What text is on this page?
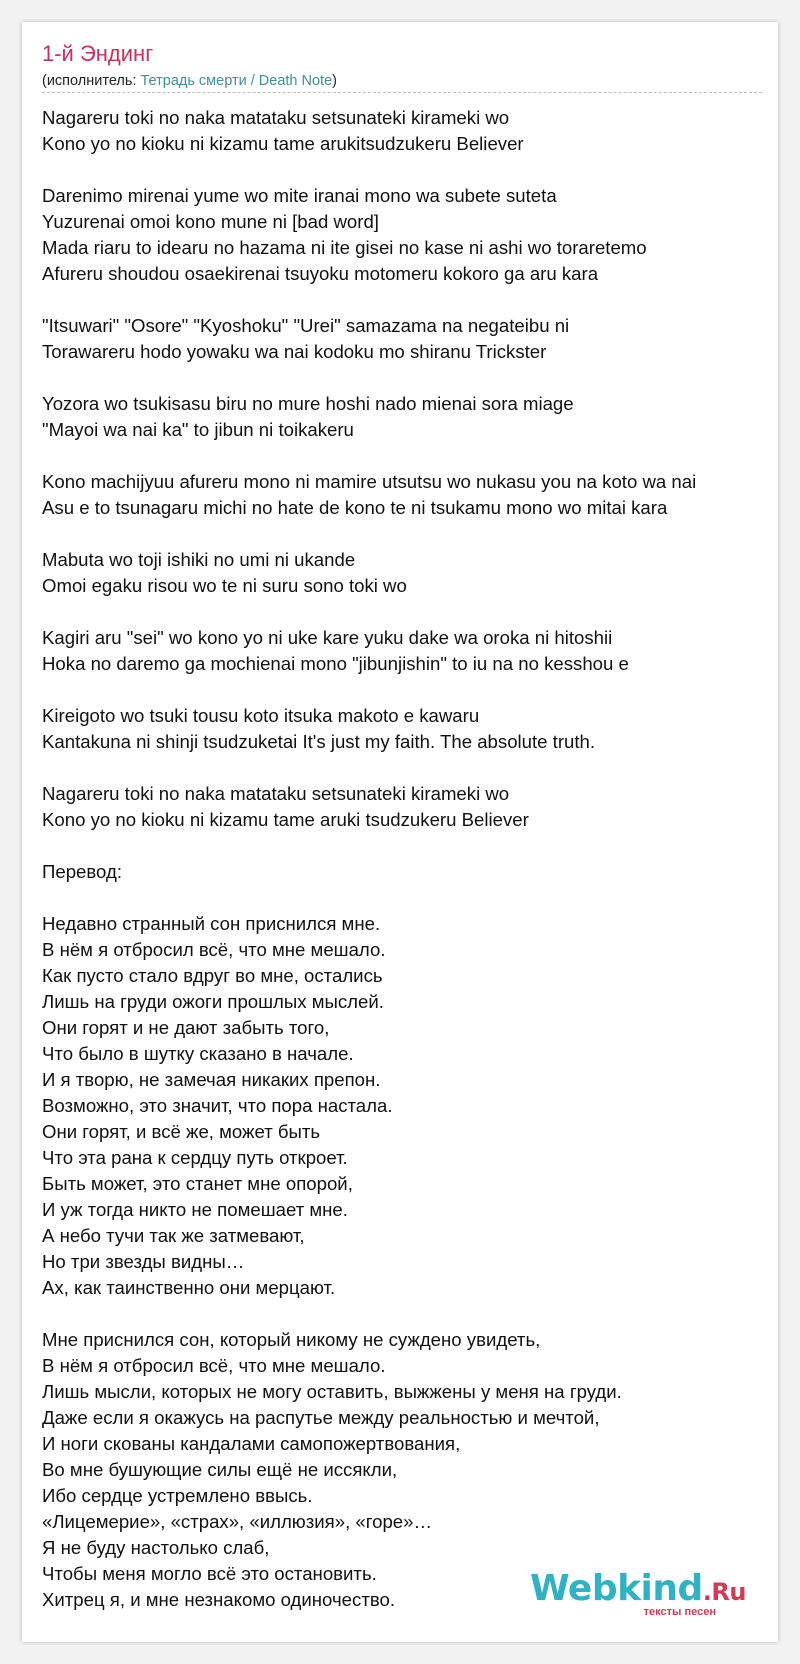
1-й Эндинг
(исполнитель: Тетрадь смерти / Death Note)
Nagareru toki no naka matataku setsunateki kirameki wo
Kono yo no kioku ni kizamu tame arukitsudzukeru Believer
Darenimo mirenai yume wo mite iranai mono wa subete suteta
Yuzurenai omoi kono mune ni [bad word]
Mada riaru to idearu no hazama ni ite gisei no kase ni ashi wo toraretemo
Afureru shoudou osaekirenai tsuyoku motomeru kokoro ga aru kara
"Itsuwari" "Osore" "Kyoshoku" "Urei" samazama na negateibu ni
Torawareru hodo yowaku wa nai kodoku mo shiranu Trickster
Yozora wo tsukisasu biru no mure hoshi nado mienai sora miage
"Mayoi wa nai ka" to jibun ni toikakeru
Kono machijyuu afureru mono ni mamire utsutsu wo nukasu you na koto wa nai
Asu e to tsunagaru michi no hate de kono te ni tsukamu mono wo mitai kara
Mabuta wo toji ishiki no umi ni ukande
Omoi egaku risou wo te ni suru sono toki wo
Kagiri aru "sei" wo kono yo ni uke kare yuku dake wa oroka ni hitoshii
Hoka no daremo ga mochienai mono "jibunjishin" to iu na no kesshou e
Kireigoto wo tsuki tousu koto itsuka makoto e kawaru
Kantakuna ni shinji tsudzuketai It's just my faith. The absolute truth.
Nagareru toki no naka matataku setsunateki kirameki wo
Kono yo no kioku ni kizamu tame aruki tsudzukeru Believer
Перевод:
Недавно странный сон приснился мне.
В нём я отбросил всё, что мне мешало.
Как пусто стало вдруг во мне, остались
Лишь на груди ожоги прошлых мыслей.
Они горят и не дают забыть того,
Что было в шутку сказано в начале.
И я творю, не замечая никаких препон.
Возможно, это значит, что пора настала.
Они горят, и всё же, может быть
Что эта рана к сердцу путь откроет.
Быть может, это станет мне опорой,
И уж тогда никто не помешает мне.
А небо тучи так же затмевают,
Но три звезды видны…
Ах, как таинственно они мерцают.
Мне приснился сон, который никому не суждено увидеть,
В нём я отбросил всё, что мне мешало.
Лишь мысли, которых не могу оставить, выжжены у меня на груди.
Даже если я окажусь на распутье между реальностью и мечтой,
И ноги скованы кандалами самопожертвования,
Во мне бушующие силы ещё не иссякли,
Ибо сердце устремлено ввысь.
«Лицемерие», «страх», «иллюзия», «горе»…
Я не буду настолько слаб,
Чтобы меня могло всё это остановить.
Хитрец я, и мне незнакомо одиночество.	Webkind.Ru
тексты песен
